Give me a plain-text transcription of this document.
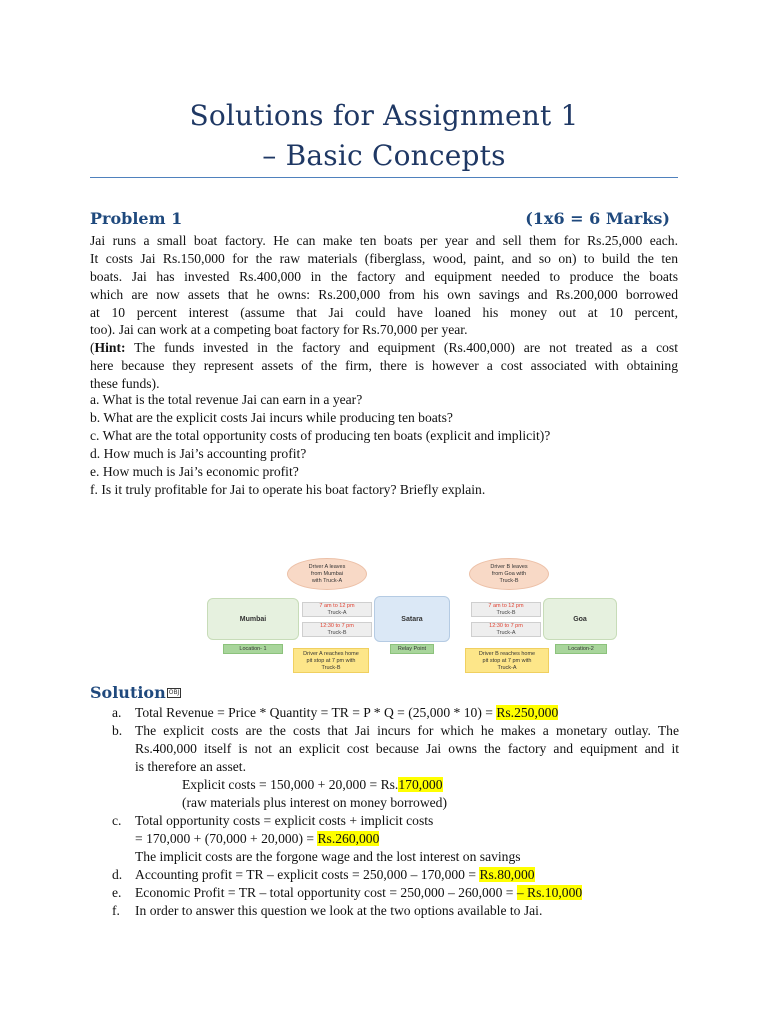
Solutions for Assignment 1
– Basic Concepts
Problem 1	(1x6 = 6 Marks)
Jai runs a small boat factory. He can make ten boats per year and sell them for Rs.25,000 each.
It costs Jai Rs.150,000 for the raw materials (fiberglass, wood, paint, and so on) to build the ten
boats. Jai has invested Rs.400,000 in the factory and equipment needed to produce the boats
which are now assets that he owns: Rs.200,000 from his own savings and Rs.200,000 borrowed
at 10 percent interest (assume that Jai could have loaned his money out at 10 percent,
too). Jai can work at a competing boat factory for Rs.70,000 per year.
(Hint: The funds invested in the factory and equipment (Rs.400,000) are not treated as a cost
here because they represent assets of the firm, there is however a cost associated with obtaining
these funds).
a. What is the total revenue Jai can earn in a year?
b. What are the explicit costs Jai incurs while producing ten boats?
c. What are the total opportunity costs of producing ten boats (explicit and implicit)?
d. How much is Jai’s accounting profit?
e. How much is Jai’s economic profit?
f. Is it truly profitable for Jai to operate his boat factory? Briefly explain.
Driver A leaves
from Mumbai
with Truck-A
Driver B leaves
from Goa with
Truck-B
Mumbai	Satara	Goa
7 am to 12 pm
Truck-A
12:30 to 7 pm
Truck-B
7 am to 12 pm
Truck-B
12:30 to 7 pm
Truck-A
Location- 1	Relay Point	Location-2
Driver A reaches home
pit stop at 7 pm with
Truck-B
Driver B reaches home
pit stop at 7 pm with
Truck-A
Solution OBJ
a. Total Revenue = Price * Quantity = TR = P * Q = (25,000 * 10) = Rs.250,000
b. The explicit costs are the costs that Jai incurs for which he makes a monetary outlay. The
Rs.400,000 itself is not an explicit cost because Jai owns the factory and equipment and it
is therefore an asset.
Explicit costs = 150,000 + 20,000 = Rs.170,000
(raw materials plus interest on money borrowed)
c. Total opportunity costs = explicit costs + implicit costs
= 170,000 + (70,000 + 20,000) = Rs.260,000
The implicit costs are the forgone wage and the lost interest on savings
d. Accounting profit = TR – explicit costs = 250,000 – 170,000 = Rs.80,000
e. Economic Profit = TR – total opportunity cost = 250,000 – 260,000 = – Rs.10,000
f. In order to answer this question we look at the two options available to Jai.
